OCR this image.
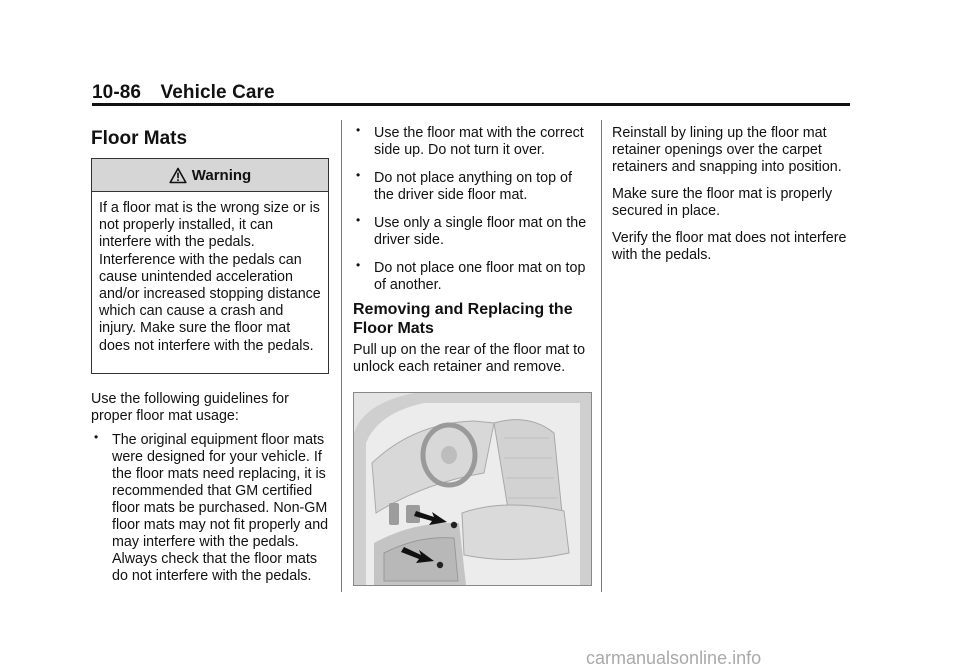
10-86 Vehicle Care
Floor Mats
Warning
If a floor mat is the wrong size or is not properly installed, it can interfere with the pedals. Interference with the pedals can cause unintended acceleration and/or increased stopping distance which can cause a crash and injury. Make sure the floor mat does not interfere with the pedals.

Use the following guidelines for proper floor mat usage:

• The original equipment floor mats were designed for your vehicle. If the floor mats need replacing, it is recommended that GM certified floor mats be purchased. Non-GM floor mats may not fit properly and may interfere with the pedals. Always check that the floor mats do not interfere with the pedals.
• Use the floor mat with the correct side up. Do not turn it over.
• Do not place anything on top of the driver side floor mat.
• Use only a single floor mat on the driver side.
• Do not place one floor mat on top of another.
Removing and Replacing the Floor Mats

Pull up on the rear of the floor mat to unlock each retainer and remove.

Reinstall by lining up the floor mat retainer openings over the carpet retainers and snapping into position.

Make sure the floor mat is properly secured in place.

Verify the floor mat does not interfere with the pedals.

carmanualsonline.info
